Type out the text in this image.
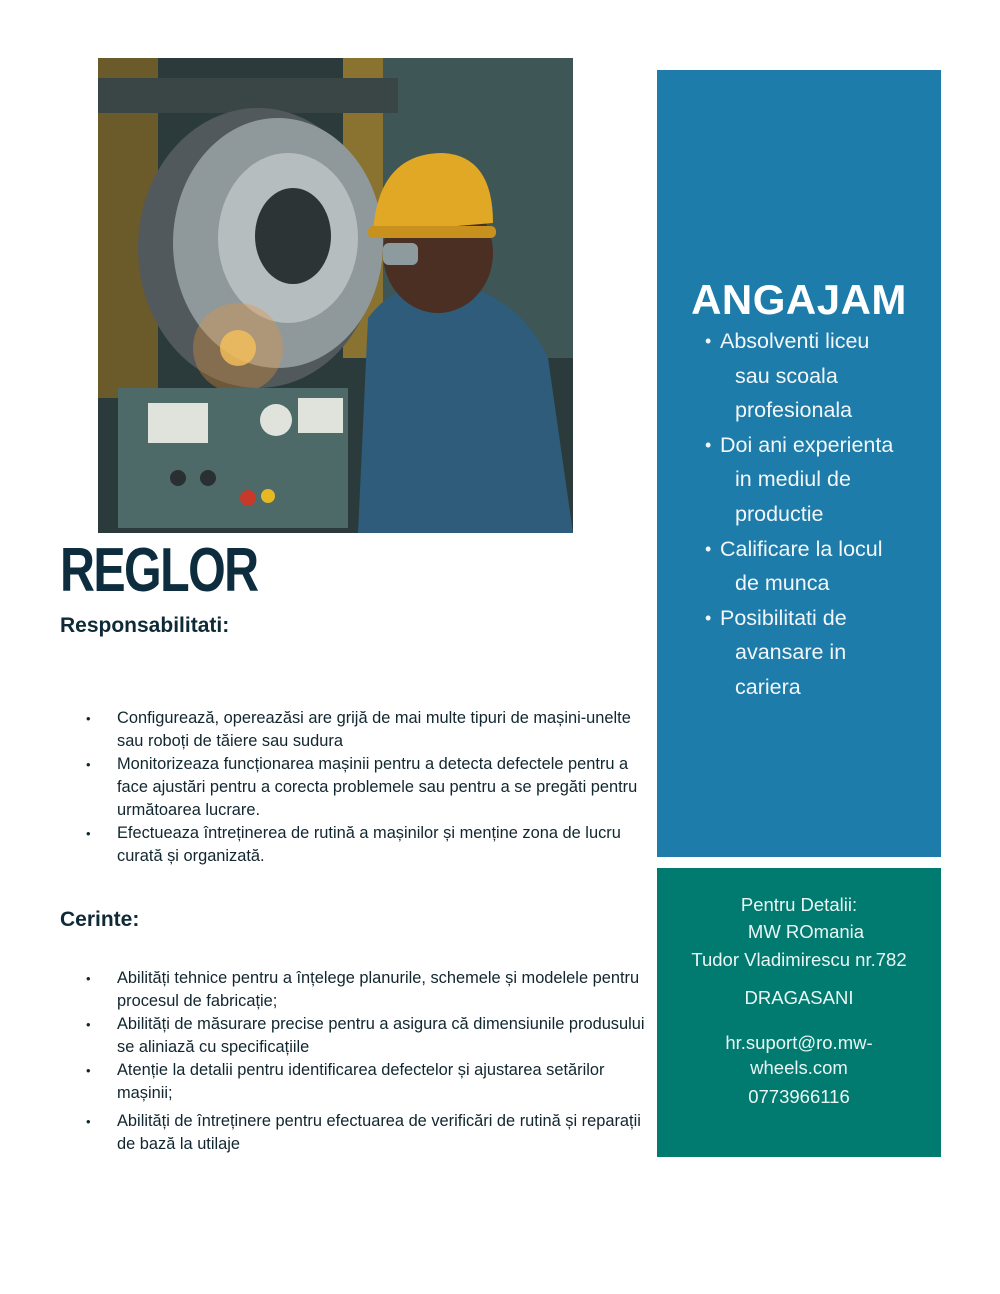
REGLOR
Responsabilitati:
• Configurează, opereazăsi are grijă de mai multe tipuri de mașini-unelte sau roboți de tăiere sau sudura
• Monitorizeaza funcționarea mașinii pentru a detecta defectele pentru a face ajustări pentru a corecta problemele sau pentru a se pregăti pentru următoarea lucrare.
• Efectueaza întreținerea de rutină a mașinilor și menține zona de lucru curată și organizată.
Cerinte:
• Abilități tehnice pentru a înțelege planurile, schemele și modelele pentru procesul de fabricație;
• Abilități de măsurare precise pentru a asigura că dimensiunile produsului se aliniază cu specificațiile
• Atenție la detalii pentru identificarea defectelor și ajustarea setărilor mașinii;
• Abilități de întreținere pentru efectuarea de verificări de rutină și reparații de bază la utilaje
ANGAJAM
• Absolventi liceu
sau scoala
profesionala
• Doi ani experienta
in mediul de
productie
• Calificare la locul
de munca
• Posibilitati de
avansare in
cariera
Pentru Detalii:
MW ROmania
Tudor Vladimirescu nr.782
DRAGASANI
hr.suport@ro.mw-
wheels.com
0773966116
